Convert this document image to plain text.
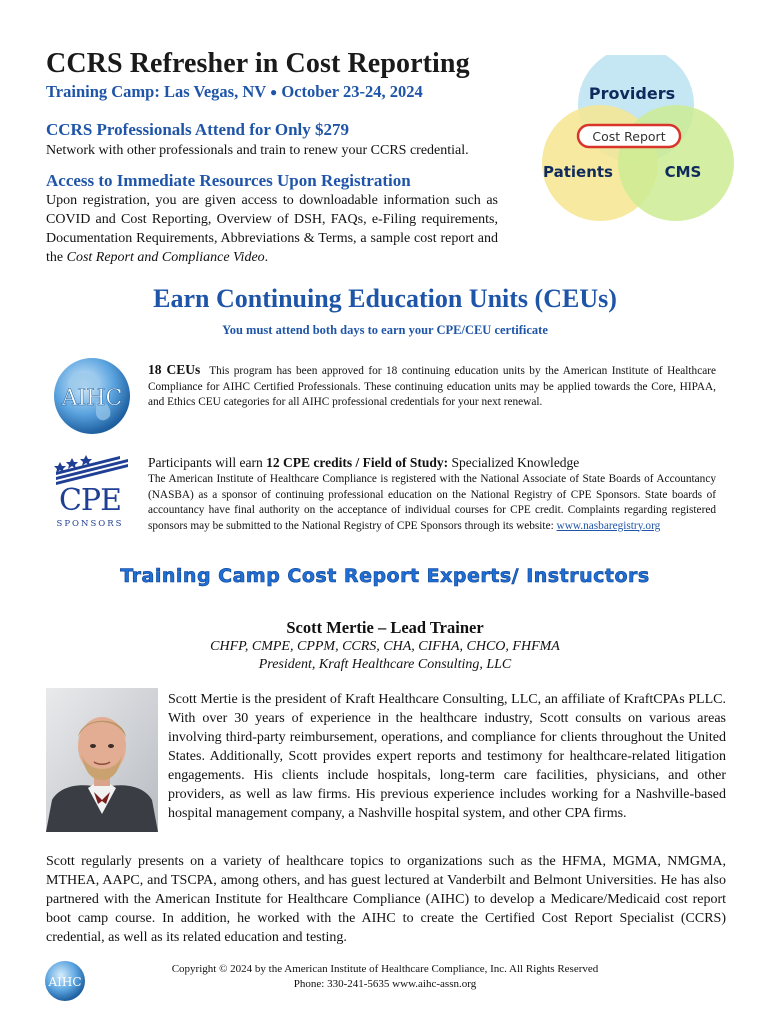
CCRS Refresher in Cost Reporting
Training Camp: Las Vegas, NV ● October 23-24, 2024	Providers
Cost Report
Patients	CMS
CCRS Professionals Attend for Only $279
Network with other professionals and train to renew your CCRS credential.
Access to Immediate Resources Upon Registration
Upon registration, you are given access to downloadable information such as COVID and Cost Reporting, Overview of DSH, FAQs, e-Filing requirements, Documentation Requirements, Abbreviations & Terms, a sample cost report and the Cost Report and Compliance Video.
Earn Continuing Education Units (CEUs)
You must attend both days to earn your CPE/CEU certificate
AIHC
18 CEUs This program has been approved for 18 continuing education units by the American Institute of Healthcare Compliance for AIHC Certified Professionals. These continuing education units may be applied towards the Core, HIPAA, and Ethics CEU categories for all AIHC professional credentials for your next renewal.
CPE
SPONSORS
Participants will earn 12 CPE credits / Field of Study: Specialized Knowledge
The American Institute of Healthcare Compliance is registered with the National Associate of State Boards of Accountancy (NASBA) as a sponsor of continuing professional education on the National Registry of CPE Sponsors. State boards of accountancy have final authority on the acceptance of individual courses for CPE credit. Complaints regarding registered sponsors may be submitted to the National Registry of CPE Sponsors through its website: www.nasbaregistry.org
Training Camp Cost Report Experts/ Instructors
Scott Mertie – Lead Trainer
CHFP, CMPE, CPPM, CCRS, CHA, CIFHA, CHCO, FHFMA
President, Kraft Healthcare Consulting, LLC
Scott Mertie is the president of Kraft Healthcare Consulting, LLC, an affiliate of KraftCPAs PLLC. With over 30 years of experience in the healthcare industry, Scott consults on various areas involving third-party reimbursement, operations, and compliance for clients throughout the United States. Additionally, Scott provides expert reports and testimony for healthcare-related litigation engagements. His clients include hospitals, long-term care facilities, physicians, and other providers, as well as law firms. His previous experience includes working for a Nashville-based hospital management company, a Nashville hospital system, and other CPA firms.
Scott regularly presents on a variety of healthcare topics to organizations such as the HFMA, MGMA, NMGMA, MTHEA, AAPC, and TSCPA, among others, and has guest lectured at Vanderbilt and Belmont Universities. He has also partnered with the American Institute for Healthcare Compliance (AIHC) to develop a Medicare/Medicaid cost report boot camp course. In addition, he worked with the AIHC to create the Certified Cost Report Specialist (CCRS) credential, as well as its related education and testing.
AIHC
Copyright © 2024 by the American Institute of Healthcare Compliance, Inc. All Rights Reserved
Phone: 330-241-5635 www.aihc-assn.org
